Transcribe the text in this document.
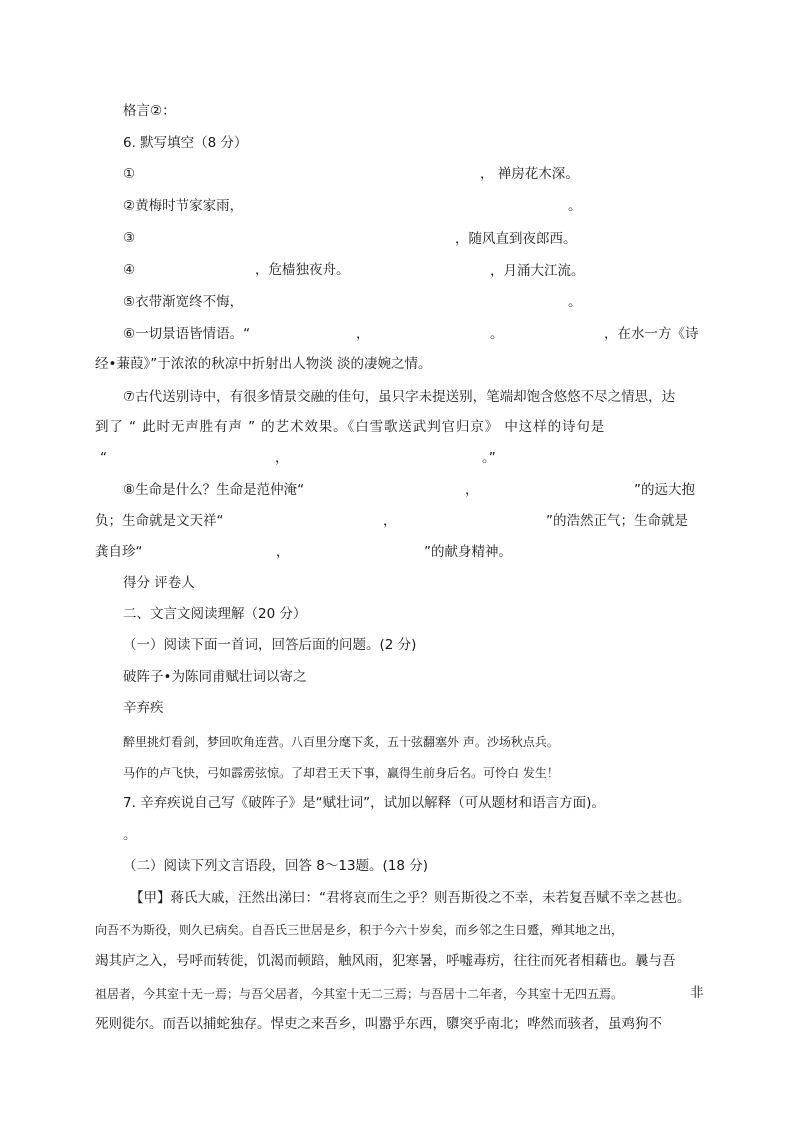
格言②：
6. 默写填空（8 分）
①	， 禅房花木深。
②黄梅时节家家雨，	。
③	，随风直到夜郎西。
④	，危樯独夜舟。	，月涌大江流。
⑤衣带渐宽终不悔，	。
⑥一切景语皆情语。“	，	。	，在水一方《诗
经•蒹葭》”于浓浓的秋凉中折射出人物淡 淡的凄婉之情。
⑦古代送别诗中，有很多情景交融的佳句，虽只字未提送别，笔端却饱含悠悠不尽之情思，达
到了 “ 此时无声胜有声 ” 的艺术效果。《白雪歌送武判官归京》 中这样的诗句是
“	，	。”
⑧生命是什么？生命是范仲淹“	，	”的远大抱
负；生命就是文天祥“	，	”的浩然正气；生命就是
龚自珍“	，	”的献身精神。
得分 评卷人
二、文言文阅读理解（20 分）
（一）阅读下面一首词，回答后面的问题。(2 分)
破阵子•为陈同甫赋壮词以寄之
辛弃疾
醉里挑灯看剑，梦回吹角连营。八百里分麾下炙，五十弦翻塞外 声。沙场秋点兵。
马作的卢飞快，弓如霹雳弦惊。了却君王天下事，赢得生前身后名。可怜白 发生！
7. 辛弃疾说自己写《破阵子》是“赋壮词”，试加以解释（可从题材和语言方面)。
。
（二）阅读下列文言语段，回答 8～13题。(18 分)
【甲】蒋氏大戚，汪然出涕曰：“君将哀而生之乎？则吾斯役之不幸，未若复吾赋不幸之甚也。
向吾不为斯役，则久已病矣。自吾氏三世居是乡，积于今六十岁矣，而乡邻之生日蹙，殚其地之出，
竭其庐之入，号呼而转徙，饥渴而顿踣，触风雨，犯寒暑，呼嘘毒疠，往往而死者相藉也。曩与吾
祖居者，今其室十无一焉；与吾父居者，今其室十无二三焉；与吾居十二年者，今其室十无四五焉。	非
死则徙尔。而吾以捕蛇独存。悍吏之来吾乡，叫嚣乎东西，隳突乎南北；哗然而骇者，虽鸡狗不
